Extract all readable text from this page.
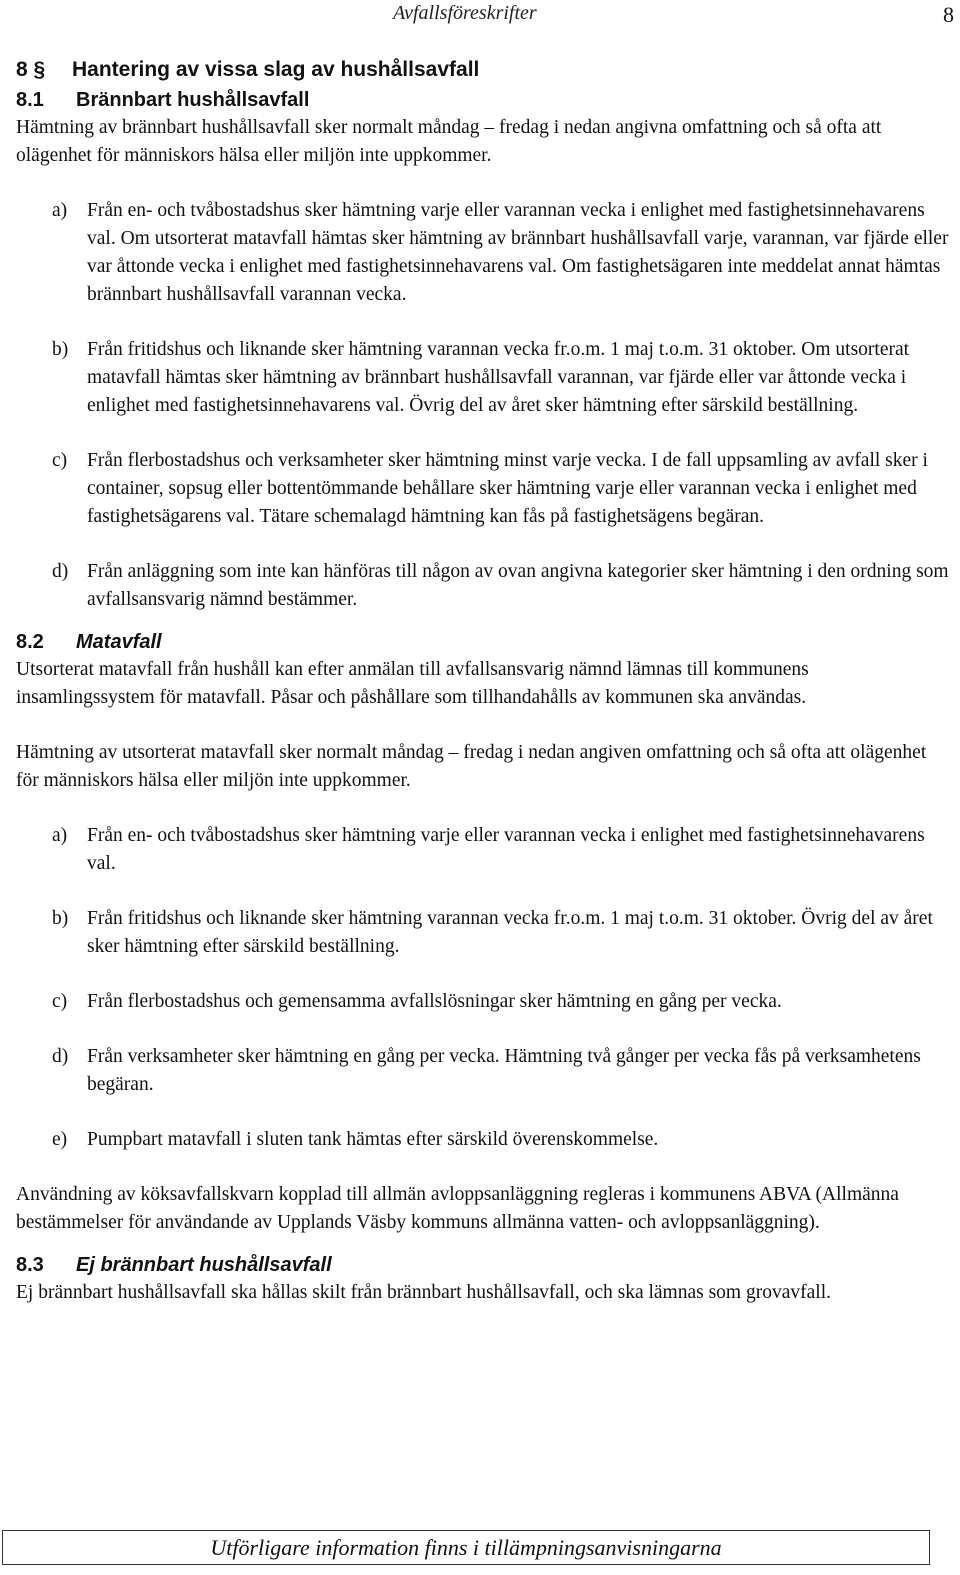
Avfallsföreskrifter	8
8 § Hantering av vissa slag av hushållsavfall
8.1 Brännbart hushållsavfall

Hämtning av brännbart hushållsavfall sker normalt måndag – fredag i nedan angivna omfattning och så ofta att olägenhet för människors hälsa eller miljön inte uppkommer.

a) Från en- och tvåbostadshus sker hämtning varje eller varannan vecka i enlighet med fastighetsinnehavarens val. Om utsorterat matavfall hämtas sker hämtning av brännbart hushållsavfall varje, varannan, var fjärde eller var åttonde vecka i enlighet med fastighetsinnehavarens val. Om fastighetsägaren inte meddelat annat hämtas brännbart hushållsavfall varannan vecka.
b) Från fritidshus och liknande sker hämtning varannan vecka fr.o.m. 1 maj t.o.m. 31 oktober. Om utsorterat matavfall hämtas sker hämtning av brännbart hushållsavfall varannan, var fjärde eller var åttonde vecka i enlighet med fastighetsinnehavarens val. Övrig del av året sker hämtning efter särskild beställning.
c) Från flerbostadshus och verksamheter sker hämtning minst varje vecka. I de fall uppsamling av avfall sker i container, sopsug eller bottentömmande behållare sker hämtning varje eller varannan vecka i enlighet med fastighetsägarens val. Tätare schemalagd hämtning kan fås på fastighetsägens begäran.
d) Från anläggning som inte kan hänföras till någon av ovan angivna kategorier sker hämtning i den ordning som avfallsansvarig nämnd bestämmer.
8.2 Matavfall

Utsorterat matavfall från hushåll kan efter anmälan till avfallsansvarig nämnd lämnas till kommunens insamlingssystem för matavfall. Påsar och påshållare som tillhandahålls av kommunen ska användas.

Hämtning av utsorterat matavfall sker normalt måndag – fredag i nedan angiven omfattning och så ofta att olägenhet för människors hälsa eller miljön inte uppkommer.

a) Från en- och tvåbostadshus sker hämtning varje eller varannan vecka i enlighet med fastighetsinnehavarens val.
b) Från fritidshus och liknande sker hämtning varannan vecka fr.o.m. 1 maj t.o.m. 31 oktober. Övrig del av året sker hämtning efter särskild beställning.
c) Från flerbostadshus och gemensamma avfallslösningar sker hämtning en gång per vecka.
d) Från verksamheter sker hämtning en gång per vecka. Hämtning två gånger per vecka fås på verksamhetens begäran.
e) Pumpbart matavfall i sluten tank hämtas efter särskild överenskommelse.

Användning av köksavfallskvarn kopplad till allmän avloppsanläggning regleras i kommunens ABVA (Allmänna bestämmelser för användande av Upplands Väsby kommuns allmänna vatten- och avloppsanläggning).

8.3 Ej brännbart hushållsavfall

Ej brännbart hushållsavfall ska hållas skilt från brännbart hushållsavfall, och ska lämnas som grovavfall.

Utförligare information finns i tillämpningsanvisningarna
